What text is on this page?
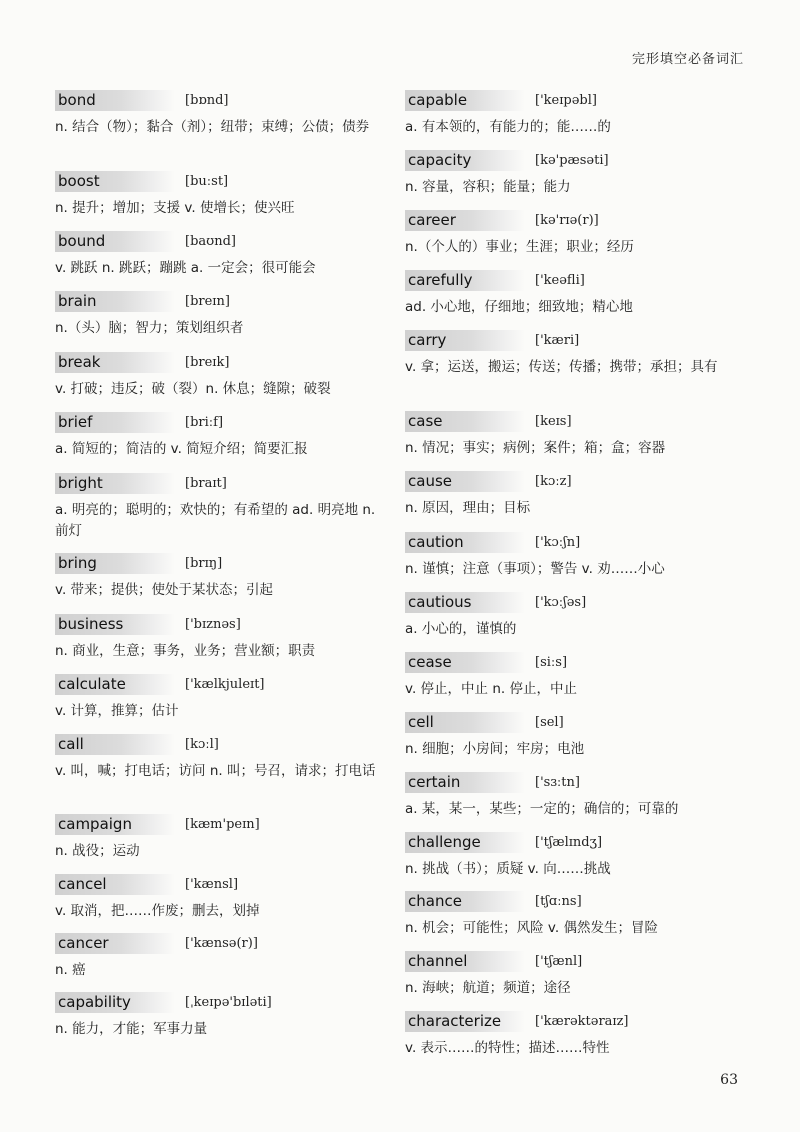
完形填空必备词汇
bond	[bɒnd]
n. 结合（物）；黏合（剂）；纽带；束缚；公债；债券
boost	[buːst]
n. 提升；增加；支援 v. 使增长；使兴旺
bound	[baʊnd]
v. 跳跃 n. 跳跃；蹦跳 a. 一定会；很可能会
brain	[breɪn]
n.（头）脑；智力；策划组织者
break	[breɪk]
v. 打破；违反；破（裂）n. 休息；缝隙；破裂
brief	[briːf]
a. 简短的；简洁的 v. 简短介绍；简要汇报
bright	[braɪt]
a. 明亮的；聪明的；欢快的；有希望的 ad. 明亮地 n. 前灯
bring	[brɪŋ]
v. 带来；提供；使处于某状态；引起
business	['bɪznəs]
n. 商业，生意；事务，业务；营业额；职责
calculate	['kælkjuleɪt]
v. 计算，推算；估计
call	[kɔːl]
v. 叫，喊；打电话；访问 n. 叫；号召，请求；打电话
campaign	[kæm'peɪn]
n. 战役；运动
cancel	['kænsl]
v. 取消，把……作废；删去，划掉
cancer	['kænsə(r)]
n. 癌
capability	[ˌkeɪpə'bɪləti]
n. 能力，才能；军事力量
capable	['keɪpəbl]
a. 有本领的，有能力的；能……的
capacity	[kə'pæsəti]
n. 容量，容积；能量；能力
career	[kə'rɪə(r)]
n.（个人的）事业；生涯；职业；经历
carefully	['keəfli]
ad. 小心地，仔细地；细致地；精心地
carry	['kæri]
v. 拿；运送，搬运；传送；传播；携带；承担；具有
case	[keɪs]
n. 情况；事实；病例；案件；箱；盒；容器
cause	[kɔːz]
n. 原因，理由；目标
caution	['kɔːʃn]
n. 谨慎；注意（事项）；警告 v. 劝……小心
cautious	['kɔːʃəs]
a. 小心的，谨慎的
cease	[siːs]
v. 停止，中止 n. 停止，中止
cell	[sel]
n. 细胞；小房间；牢房；电池
certain	['sɜːtn]
a. 某，某一，某些；一定的；确信的；可靠的
challenge	['tʃælɪndʒ]
n. 挑战（书）；质疑 v. 向……挑战
chance	[tʃɑːns]
n. 机会；可能性；风险 v. 偶然发生；冒险
channel	['tʃænl]
n. 海峡；航道；频道；途径
characterize	['kærəktəraɪz]
v. 表示……的特性；描述……特性
63
